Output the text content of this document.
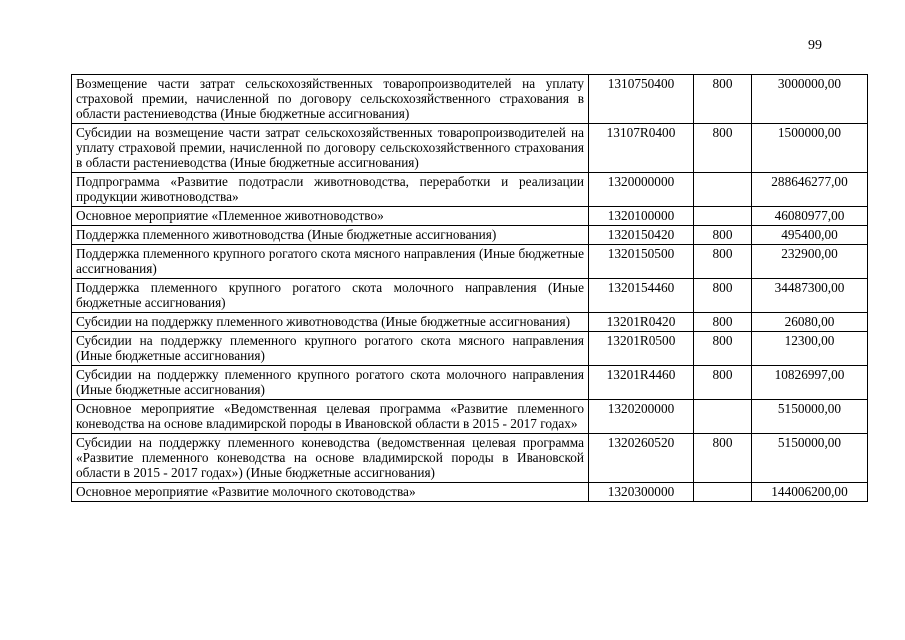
99
Возмещение части затрат сельскохозяйственных товаропроизводителей на уплату страховой премии, начисленной по договору сельскохозяйственного страхования в области растениеводства (Иные бюджетные ассигнования)	1310750400	800	3000000,00
Субсидии на возмещение части затрат сельскохозяйственных товаропроизводителей на уплату страховой премии, начисленной по договору сельскохозяйственного страхования в области растениеводства (Иные бюджетные ассигнования)	13107R0400	800	1500000,00
Подпрограмма «Развитие подотрасли животноводства, переработки и реализации продукции животноводства»	1320000000		288646277,00
Основное мероприятие «Племенное животноводство»	1320100000		46080977,00
Поддержка племенного животноводства (Иные бюджетные ассигнования)	1320150420	800	495400,00
Поддержка племенного крупного рогатого скота мясного направления (Иные бюджетные ассигнования)	1320150500	800	232900,00
Поддержка племенного крупного рогатого скота молочного направления (Иные бюджетные ассигнования)	1320154460	800	34487300,00
Субсидии на поддержку племенного животноводства (Иные бюджетные ассигнования)	13201R0420	800	26080,00
Субсидии на поддержку племенного крупного рогатого скота мясного направления (Иные бюджетные ассигнования)	13201R0500	800	12300,00
Субсидии на поддержку племенного крупного рогатого скота молочного направления (Иные бюджетные ассигнования)	13201R4460	800	10826997,00
Основное мероприятие «Ведомственная целевая программа «Развитие племенного коневодства на основе владимирской породы в Ивановской области в 2015 - 2017 годах»	1320200000		5150000,00
Субсидии на поддержку племенного коневодства (ведомственная целевая программа «Развитие племенного коневодства на основе владимирской породы в Ивановской области в 2015 - 2017 годах») (Иные бюджетные ассигнования)	1320260520	800	5150000,00
Основное мероприятие «Развитие молочного скотоводства»	1320300000		144006200,00
